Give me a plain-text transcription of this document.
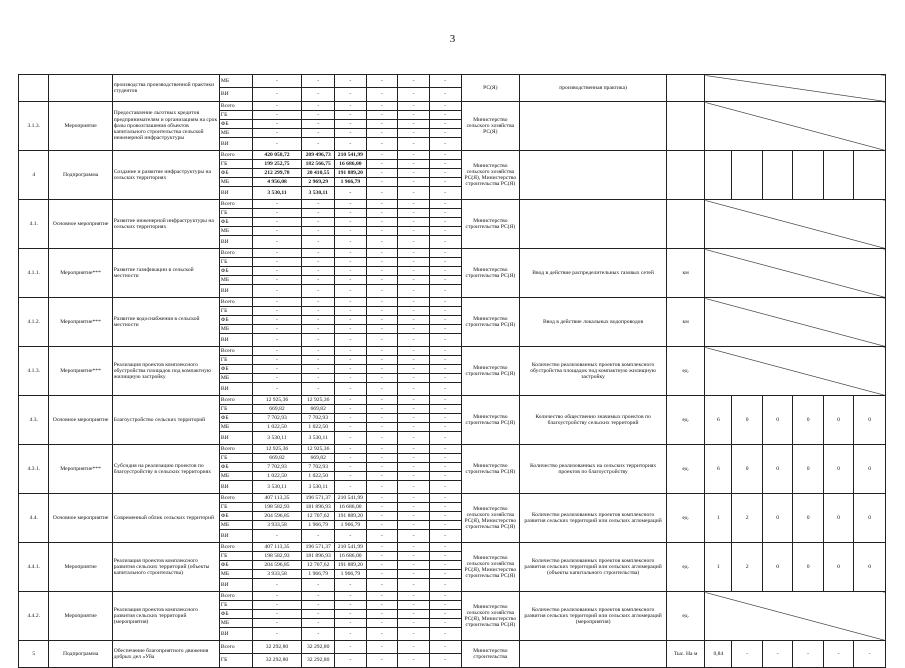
3
		производства производственной практики студентов	МБ	-	-	-	-	-	-	РС(Я)	производственная практика)							
			ВИ	-	-	-	-	-	-									
3.1.3.	Мероприятие	Предоставление льготных кредитов предпринимателям и организациям на срок фазы провозглашения объектов капитального строительства сельской инженерной инфраструктуры	Всего	-	-	-	-	-	-	Министерство сельского хозяйства РС(Я)								
			ГБ	-	-	-	-	-	-									
			ФБ	-	-	-	-	-	-									
			МБ	-	-	-	-	-	-									
			ВИ	-	-	-	-	-	-									
4	Подпрограмма	Создание и развитие инфраструктуры на сельских территориях	Всего	420 058,72	209 496,73	210 541,99	-	-	-	Министерство сельского хозяйства РС(Я), Министерство строительства РС(Я)								
			ГБ	199 252,75	182 566,75	16 686,00	-	-	-									
			ФБ	212 299,78	20 410,55	191 889,20	-	-	-									
			МБ	4 956,08	2 969,29	1 966,79	-	-	-									
			ВИ	3 530,11	3 530,11	-	-	-	-									
4.1.	Основное мероприятие	Развитие инженерной инфраструктуры на сельских территориях	Всего	-	-	-	-	-	-	Министерство строительства РС(Я)								
			ГБ	-	-	-	-	-	-									
			ФБ	-	-	-	-	-	-									
			МБ	-	-	-	-	-	-									
			ВИ	-	-	-	-	-	-									
4.1.1.	Мероприятие***	Развитие газификации в сельской местности	Всего	-	-	-	-	-	-	Министерство строительства РС(Я)	Ввод в действие распределительных газовых сетей	км						
			ГБ	-	-	-	-	-	-									
			ФБ	-	-	-	-	-	-									
			МБ	-	-	-	-	-	-									
			ВИ	-	-	-	-	-	-									
4.1.2.	Мероприятие***	Развитие водоснабжения в сельской местности	Всего	-	-	-	-	-	-	Министерство строительства РС(Я)	Ввод в действие локальных водопроводов	км						
			ГБ	-	-	-	-	-	-									
			ФБ	-	-	-	-	-	-									
			МБ	-	-	-	-	-	-									
			ВИ	-	-	-	-	-	-									
4.1.3.	Мероприятие***	Реализация проектов комплексного обустройства площадок под компактную жилищную застройку	Всего	-	-	-	-	-	-	Министерство строительства РС(Я)	Количество реализованных проектов комплексного обустройства площадок под компактную жилищную застройку	ед.						
			ГБ	-	-	-	-	-	-									
			ФБ	-	-	-	-	-	-									
			МБ	-	-	-	-	-	-									
			ВИ	-	-	-	-	-	-									
4.3.	Основное мероприятие	Благоустройство сельских территорий	Всего	12 925,36	12 925,36	-	-	-	-	Министерство строительства РС(Я)	Количество общественно значимых проектов по благоустройству сельских территорий	ед.	6	0	0	0	0	0
			ГБ	669,82	669,82	-	-	-	-									
			ФБ	7 702,93	7 702,93	-	-	-	-									
			МБ	1 022,50	1 022,50	-	-	-	-									
			ВИ	3 530,11	3 530,11	-	-	-	-									
4.3.1.	Мероприятие***	Субсидия на реализацию проектов по благоустройству в сельских территориях	Всего	12 925,36	12 925,36	-	-	-	-	Министерство строительства РС(Я)	Количество реализованных на сельских территориях проектов по благоустройству	ед.	6	0	0	0	0	0
			ГБ	669,82	669,82	-	-	-	-									
			ФБ	7 702,93	7 702,93	-	-	-	-									
			МБ	1 022,50	1 022,50	-	-	-	-									
			ВИ	3 530,11	3 530,11	-	-	-	-									
4.4.	Основное мероприятие	Современный облик сельских территорий	Всего	407 113,35	196 571,37	210 541,99	-	-	-	Министерство сельского хозяйства РС(Я), Министерство строительства РС(Я)	Количество реализованных проектов комплексного развития сельских территорий или сельских агломераций	ед.	1	2	0	0	0	0
			ГБ	198 582,93	181 896,93	16 686,00	-	-	-									
			ФБ	204 596,85	12 707,62	191 889,20	-	-	-									
			МБ	3 933,58	1 966,79	1 966,79	-	-	-									
			ВИ	-	-	-	-	-	-									
4.4.1.	Мероприятие	Реализация проектов комплексного развития сельских территорий (объекты капитального строительства)	Всего	407 113,35	196 571,37	210 541,99	-	-	-	Министерство сельского хозяйства РС(Я), Министерство строительства РС(Я)	Количество реализованных проектов комплексного развития сельских территорий или сельских агломераций (объекты капитального строительства)	ед.	1	2	0	0	0	0
			ГБ	198 582,93	181 896,93	16 686,00	-	-	-									
			ФБ	204 596,85	12 707,62	191 889,20	-	-	-									
			МБ	3 933,58	1 966,79	1 966,79	-	-	-									
			ВИ	-	-	-	-	-	-									
4.4.2.	Мероприятие	Реализация проектов комплексного развития сельских территорий (мероприятия)	Всего	-	-	-	-	-	-	Министерство сельского хозяйства РС(Я), Министерство строительства РС(Я)	Количество реализованных проектов комплексного развития сельских территорий или сельских агломераций (мероприятия)	ед.						
			ГБ	-	-	-	-	-	-									
			ФБ	-	-	-	-	-	-									
			МБ	-	-	-	-	-	-									
			ВИ	-	-	-	-	-	-									
5	Подпрограмма	Обеспечение благоприятного движения добрых дел «Уйа	Всего	32 292,80	32 292,80	-	-	-	-	Министерство строительства		Тыс. Ha м	0,84	-	-	-	-	-
			ГБ	32 292,80	32 292,80	-	-	-	-									
